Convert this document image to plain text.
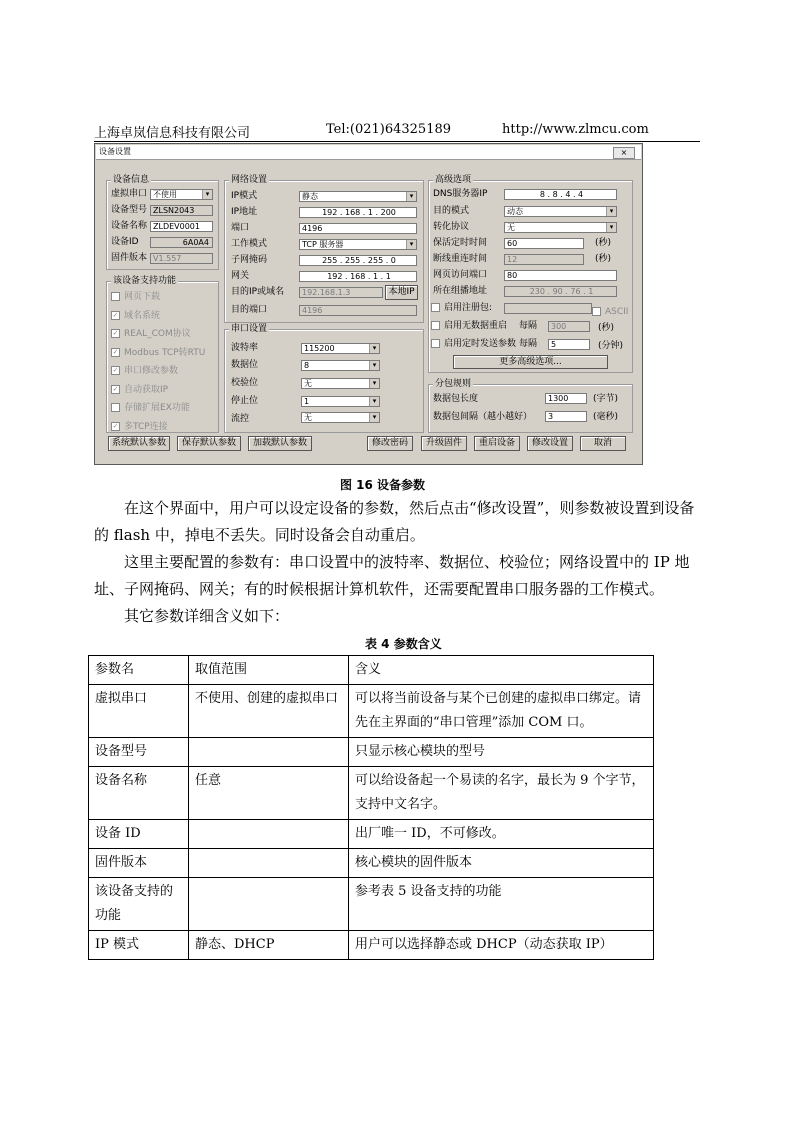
上海卓岚信息科技有限公司	Tel:(021)64325189	http://www.zlmcu.com
设备设置	×
设备信息
虚拟串口 不使用 ▾
设备型号 ZLSN2043
设备名称 ZLDEV0001
设备ID	6A0A4
固件版本 V1.557
该设备支持功能
网页下载
✓ 域名系统
✓ REAL_COM协议
✓ Modbus TCP转RTU
✓ 串口修改参数
✓ 自动获取IP
存储扩展EX功能
✓ 多TCP连接
网络设置
IP模式	静态 ▾
IP地址	192 . 168 . 1 . 200
端口	4196
工作模式	TCP 服务器 ▾
子网掩码	255 . 255 . 255 . 0
网关	192 . 168 . 1 . 1
目的IP或域名	192.168.1.3	本地IP
目的端口	4196
串口设置
波特率	115200 ▾
数据位	8 ▾
校验位	无 ▾
停止位	1 ▾
流控	无 ▾
高级选项
DNS服务器IP	8 . 8 . 4 . 4
目的模式	动态 ▾
转化协议	无 ▾
保活定时时间	60	(秒)
断线重连时间	12	(秒)
网页访问端口	80
所在组播地址	230 . 90 . 76 . 1
启用注册包:	ASCII
启用无数据重启 每隔	300	(秒)
启用定时发送参数 每隔	5	(分钟)
更多高级选项...
分包规则
数据包长度	1300	(字节)
数据包间隔（越小越好）	3	(毫秒)
系统默认参数	保存默认参数	加载默认参数	修改密码	升级固件	重启设备	修改设置	取消
图 16 设备参数
在这个界面中，用户可以设定设备的参数，然后点击“修改设置”，则参数被设置到设备的 flash 中，掉电不丢失。同时设备会自动重启。
这里主要配置的参数有：串口设置中的波特率、数据位、校验位；网络设置中的 IP 地址、子网掩码、网关；有的时候根据计算机软件，还需要配置串口服务器的工作模式。
其它参数详细含义如下：
表 4 参数含义
参数名	取值范围	含义
虚拟串口	不使用、创建的虚拟串口	可以将当前设备与某个已创建的虚拟串口绑定。请先在主界面的“串口管理”添加 COM 口。
设备型号		只显示核心模块的型号
设备名称	任意	可以给设备起一个易读的名字，最长为 9 个字节，支持中文名字。
设备 ID		出厂唯一 ID，不可修改。
固件版本		核心模块的固件版本
该设备支持的功能		参考表 5 设备支持的功能
IP 模式	静态、DHCP	用户可以选择静态或 DHCP（动态获取 IP）
